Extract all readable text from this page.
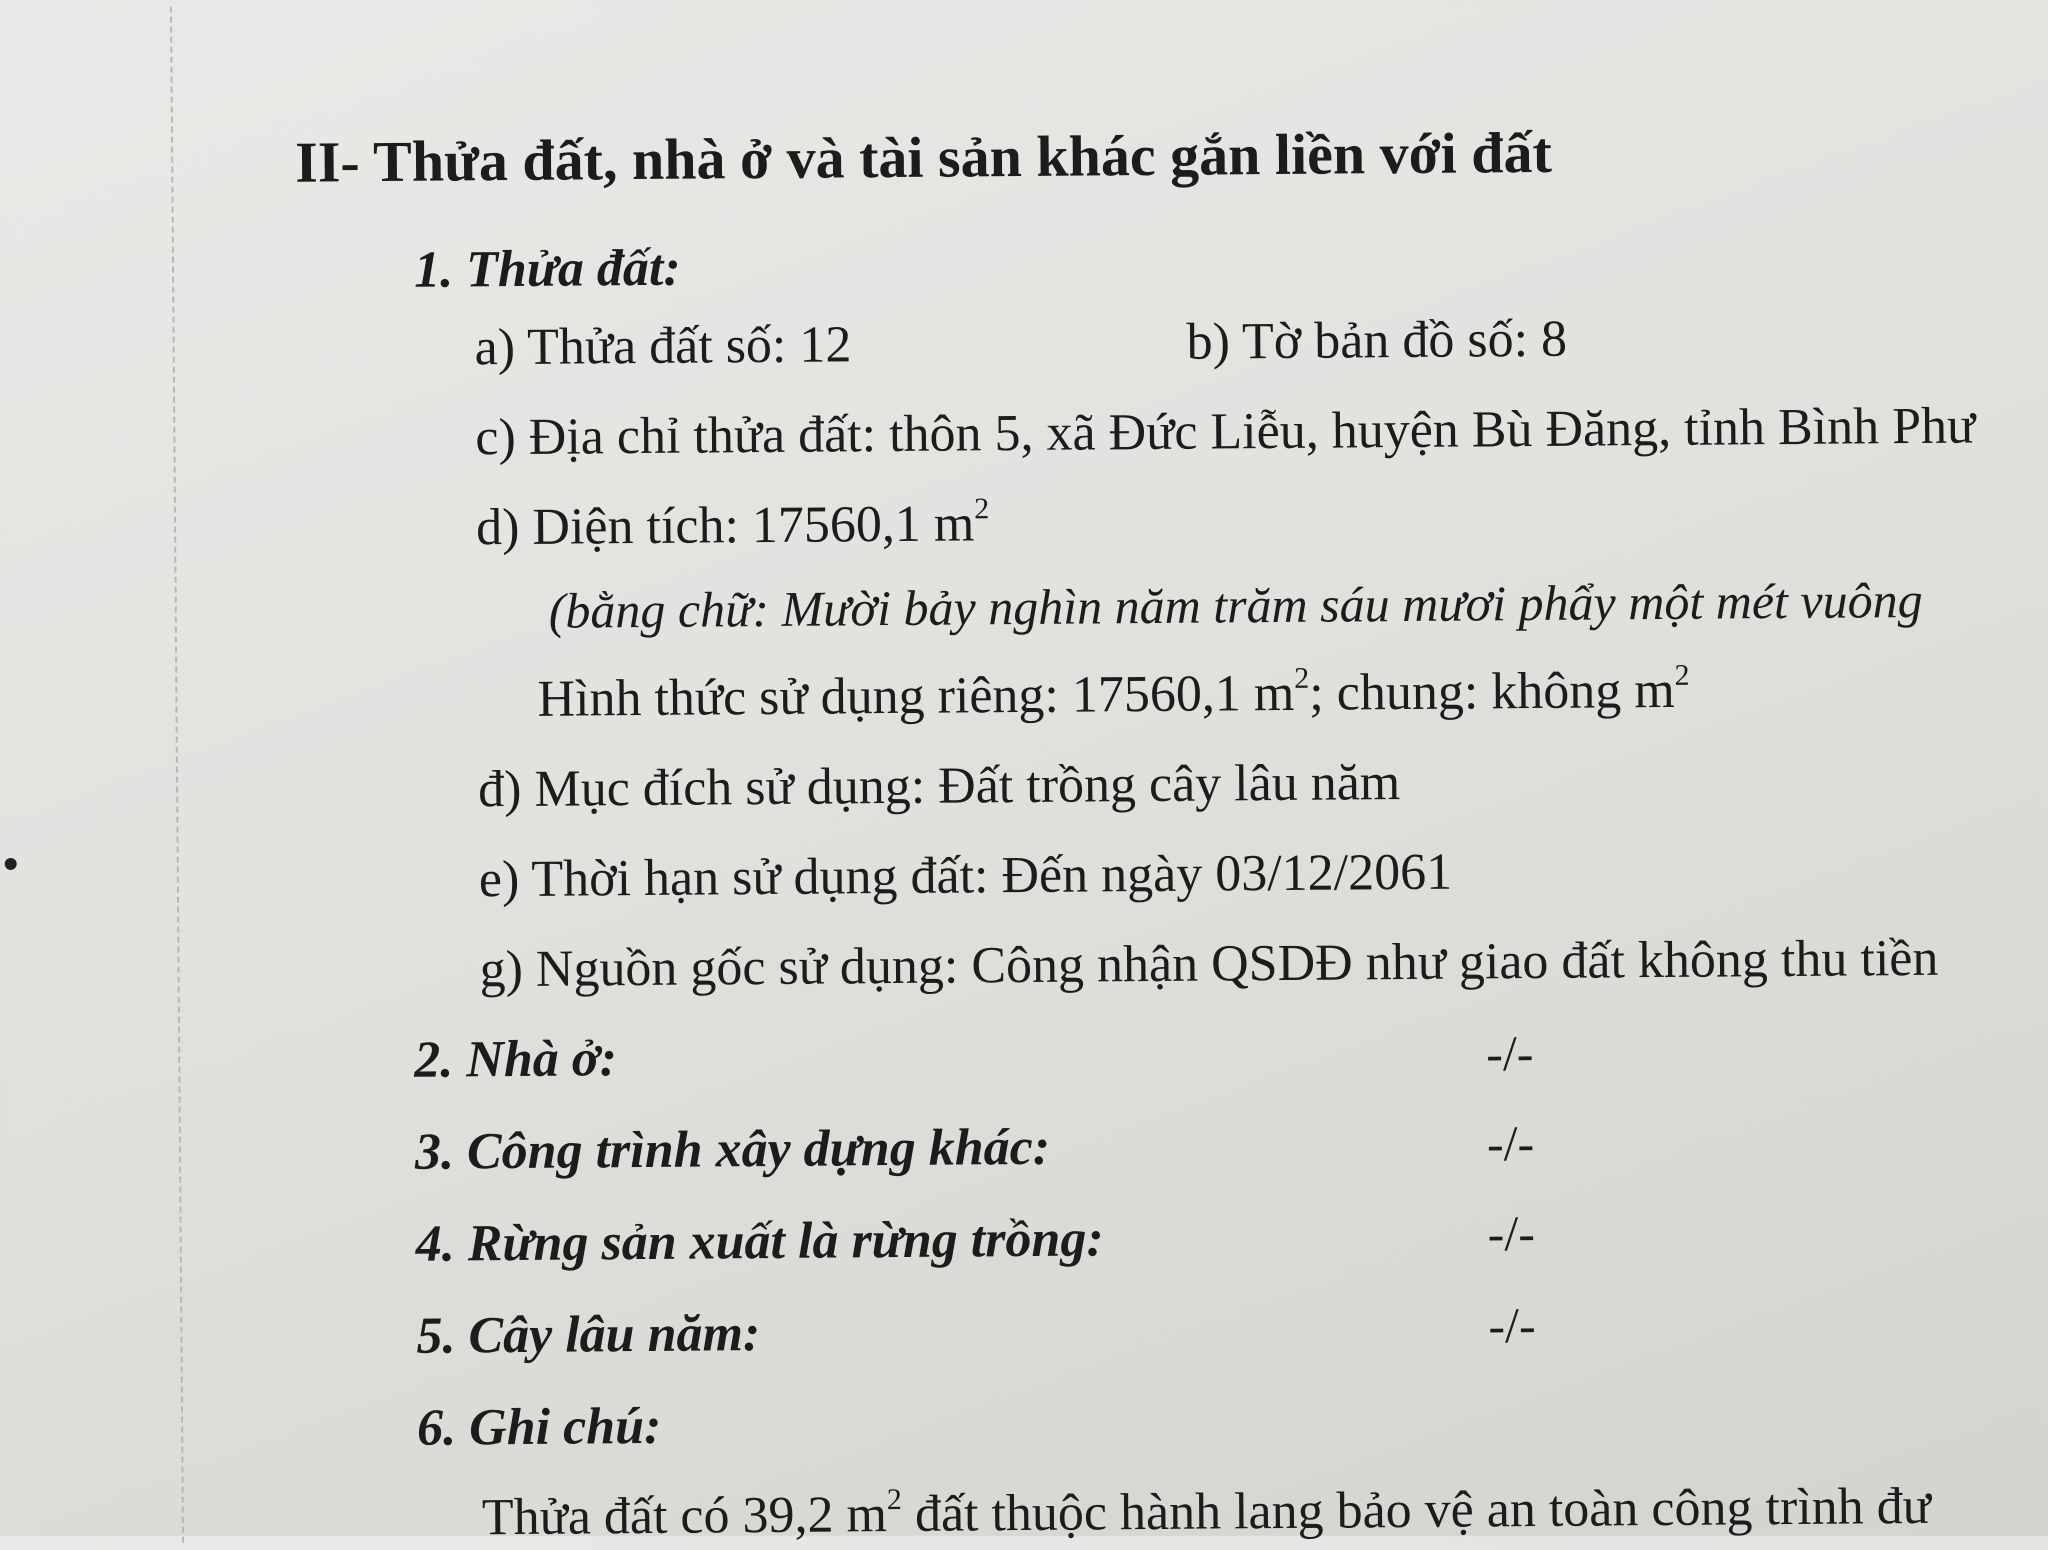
II- Thửa đất, nhà ở và tài sản khác gắn liền với đất
1. Thửa đất:
a) Thửa đất số: 12	b) Tờ bản đồ số: 8
c) Địa chỉ thửa đất: thôn 5, xã Đức Liễu, huyện Bù Đăng, tỉnh Bình Phư
d) Diện tích: 17560,1 $m^2$
(bằng chữ: Mười bảy nghìn năm trăm sáu mươi phẩy một mét vuông
Hình thức sử dụng riêng: 17560,1 $m^2$; chung: không $m^2$
đ) Mục đích sử dụng: Đất trồng cây lâu năm
e) Thời hạn sử dụng đất: Đến ngày 03/12/2061
g) Nguồn gốc sử dụng: Công nhận QSDĐ như giao đất không thu tiền
2. Nhà ở:	-/-
3. Công trình xây dựng khác:	-/-
4. Rừng sản xuất là rừng trồng:	-/-
5. Cây lâu năm:	-/-
6. Ghi chú:
Thửa đất có 39,2 $m^2$ đất thuộc hành lang bảo vệ an toàn công trình đư
